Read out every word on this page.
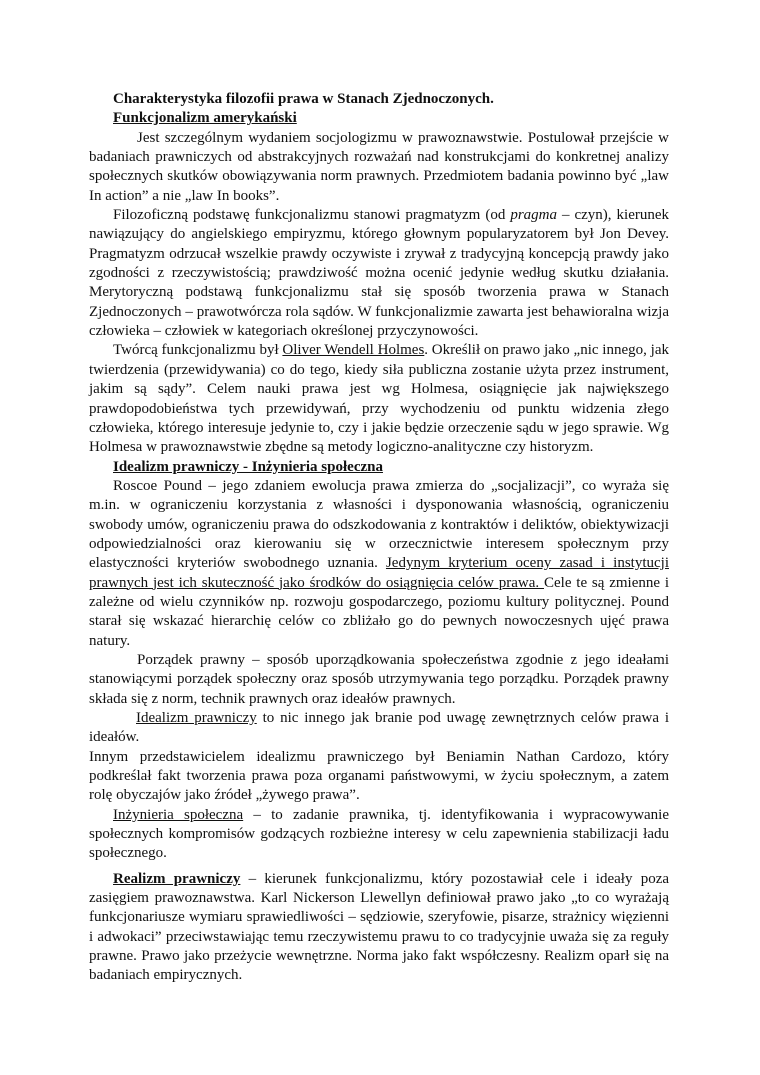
Charakterystyka filozofii prawa w Stanach Zjednoczonych.

Funkcjonalizm amerykański

Jest szczególnym wydaniem socjologizmu w prawoznawstwie. Postulował przejście w badaniach prawniczych od abstrakcyjnych rozważań nad konstrukcjami do konkretnej analizy społecznych skutków obowiązywania norm prawnych. Przedmiotem badania powinno być „law In action” a nie „law In books”.

Filozoficzną podstawę funkcjonalizmu stanowi pragmatyzm (od pragma – czyn), kierunek nawiązujący do angielskiego empiryzmu, którego głownym popularyzatorem był Jon Devey. Pragmatyzm odrzucał wszelkie prawdy oczywiste i zrywał z tradycyjną koncepcją prawdy jako zgodności z rzeczywistością; prawdziwość można ocenić jedynie według skutku działania. Merytoryczną podstawą funkcjonalizmu stał się sposób tworzenia prawa w Stanach Zjednoczonych – prawotwórcza rola sądów. W funkcjonalizmie zawarta jest behawioralna wizja człowieka – człowiek w kategoriach określonej przyczynowości.

Twórcą funkcjonalizmu był Oliver Wendell Holmes. Określił on prawo jako „nic innego, jak twierdzenia (przewidywania) co do tego, kiedy siła publiczna zostanie użyta przez instrument, jakim są sądy”. Celem nauki prawa jest wg Holmesa, osiągnięcie jak największego prawdopodobieństwa tych przewidywań, przy wychodzeniu od punktu widzenia złego człowieka, którego interesuje jedynie to, czy i jakie będzie orzeczenie sądu w jego sprawie. Wg Holmesa w prawoznawstwie zbędne są metody logiczno-analityczne czy historyzm.

Idealizm prawniczy - Inżynieria społeczna

Roscoe Pound – jego zdaniem ewolucja prawa zmierza do „socjalizacji”, co wyraża się m.in. w ograniczeniu korzystania z własności i dysponowania własnością, ograniczeniu swobody umów, ograniczeniu prawa do odszkodowania z kontraktów i deliktów, obiektywizacji odpowiedzialności oraz kierowaniu się w orzecznictwie interesem społecznym przy elastyczności kryteriów swobodnego uznania. Jedynym kryterium oceny zasad i instytucji prawnych jest ich skuteczność jako środków do osiągnięcia celów prawa. Cele te są zmienne i zależne od wielu czynników np. rozwoju gospodarczego, poziomu kultury politycznej. Pound starał się wskazać hierarchię celów co zbliżało go do pewnych nowoczesnych ujęć prawa natury.

Porządek prawny – sposób uporządkowania społeczeństwa zgodnie z jego ideałami stanowiącymi porządek społeczny oraz sposób utrzymywania tego porządku. Porządek prawny składa się z norm, technik prawnych oraz ideałów prawnych.

Idealizm prawniczy to nic innego jak branie pod uwagę zewnętrznych celów prawa i ideałów.

Innym przedstawicielem idealizmu prawniczego był Beniamin Nathan Cardozo, który podkreślał fakt tworzenia prawa poza organami państwowymi, w życiu społecznym, a zatem rolę obyczajów jako źródeł „żywego prawa”.

Inżynieria społeczna – to zadanie prawnika, tj. identyfikowania i wypracowywanie społecznych kompromisów godzących rozbieżne interesy w celu zapewnienia stabilizacji ładu społecznego.

Realizm prawniczy – kierunek funkcjonalizmu, który pozostawiał cele i ideały poza zasięgiem prawoznawstwa. Karl Nickerson Llewellyn definiował prawo jako „to co wyrażają funkcjonariusze wymiaru sprawiedliwości – sędziowie, szeryfowie, pisarze, strażnicy więzienni i adwokaci” przeciwstawiając temu rzeczywistemu prawu to co tradycyjnie uważa się za reguły prawne. Prawo jako przeżycie wewnętrzne. Norma jako fakt współczesny. Realizm oparł się na badaniach empirycznych.
